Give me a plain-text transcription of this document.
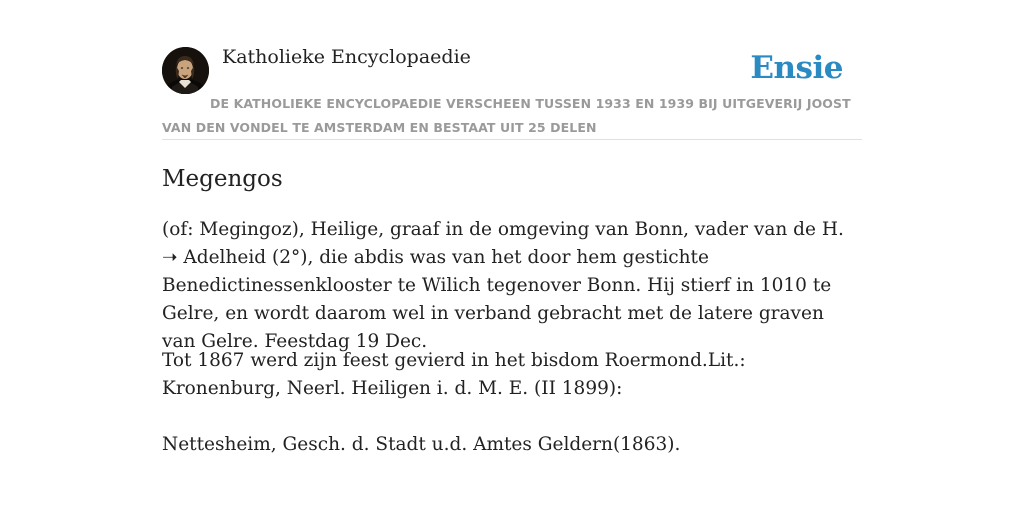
Katholieke Encyclopaedie	Ensie
DE KATHOLIEKE ENCYCLOPAEDIE VERSCHEEN TUSSEN 1933 EN 1939 BIJ UITGEVERIJ JOOST VAN DEN VONDEL TE AMSTERDAM EN BESTAAT UIT 25 DELEN
Megengos

(of: Megingoz), Heilige, graaf in de omgeving van Bonn, vader van de H. ➝ Adelheid (2°), die abdis was van het door hem gestichte Benedictinessenklooster te Wilich tegenover Bonn. Hij stierf in 1010 te Gelre, en wordt daarom wel in verband gebracht met de latere graven van Gelre. Feestdag 19 Dec.

Tot 1867 werd zijn feest gevierd in het bisdom Roermond.Lit.: Kronenburg, Neerl. Heiligen i. d. M. E. (II 1899):

Nettesheim, Gesch. d. Stadt u.d. Amtes Geldern(1863).
